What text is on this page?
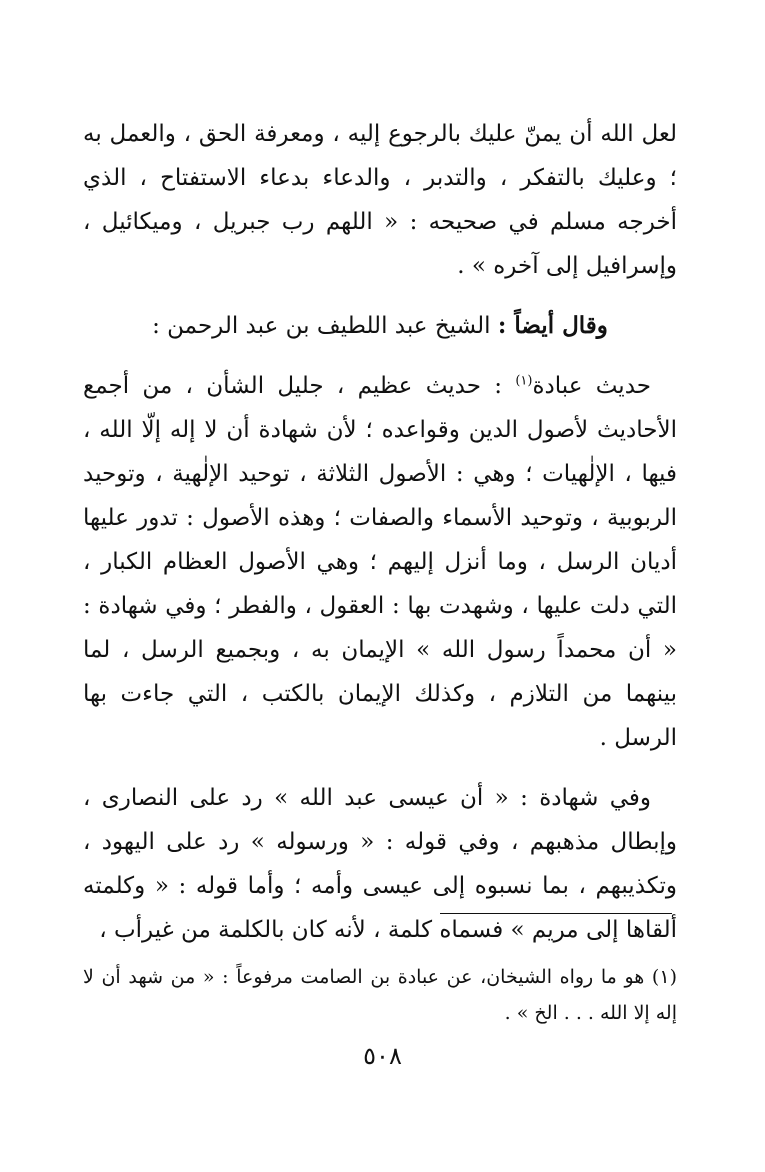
لعل الله أن يمنّ عليك بالرجوع إليه ، ومعرفة الحق ، والعمل به ؛ وعليك بالتفكر ، والتدبر ، والدعاء بدعاء الاستفتاح ، الذي أخرجه مسلم في صحيحه : « اللهم رب جبريل ، وميكائيل ، وإسرافيل إلى آخره » .

وقال أيضاً : الشيخ عبد اللطيف بن عبد الرحمن :

حديث عبادة$^{(١)}$ : حديث عظيم ، جليل الشأن ، من أجمع الأحاديث لأصول الدين وقواعده ؛ لأن شهادة أن لا إله إلّا الله ، فيها ، الإلٰهيات ؛ وهي : الأصول الثلاثة ، توحيد الإلٰهية ، وتوحيد الربوبية ، وتوحيد الأسماء والصفات ؛ وهذه الأصول : تدور عليها أديان الرسل ، وما أنزل إليهم ؛ وهي الأصول العظام الكبار ، التي دلت عليها ، وشهدت بها : العقول ، والفطر ؛ وفي شهادة : « أن محمداً رسول الله » الإيمان به ، وبجميع الرسل ، لما بينهما من التلازم ، وكذلك الإيمان بالكتب ، التي جاءت بها الرسل .

وفي شهادة : « أن عيسى عبد الله » رد على النصارى ، وإبطال مذهبهم ، وفي قوله : « ورسوله » رد على اليهود ، وتكذيبهم ، بما نسبوه إلى عيسى وأمه ؛ وأما قوله : « وكلمته ألقاها إلى مريم » فسماه كلمة ، لأنه كان بالكلمة من غيرأب ،

(١) هو ما رواه الشيخان، عن عبادة بن الصامت مرفوعاً : « من شهد أن لا إله إلا الله . . . الخ » .

٥٠٨
